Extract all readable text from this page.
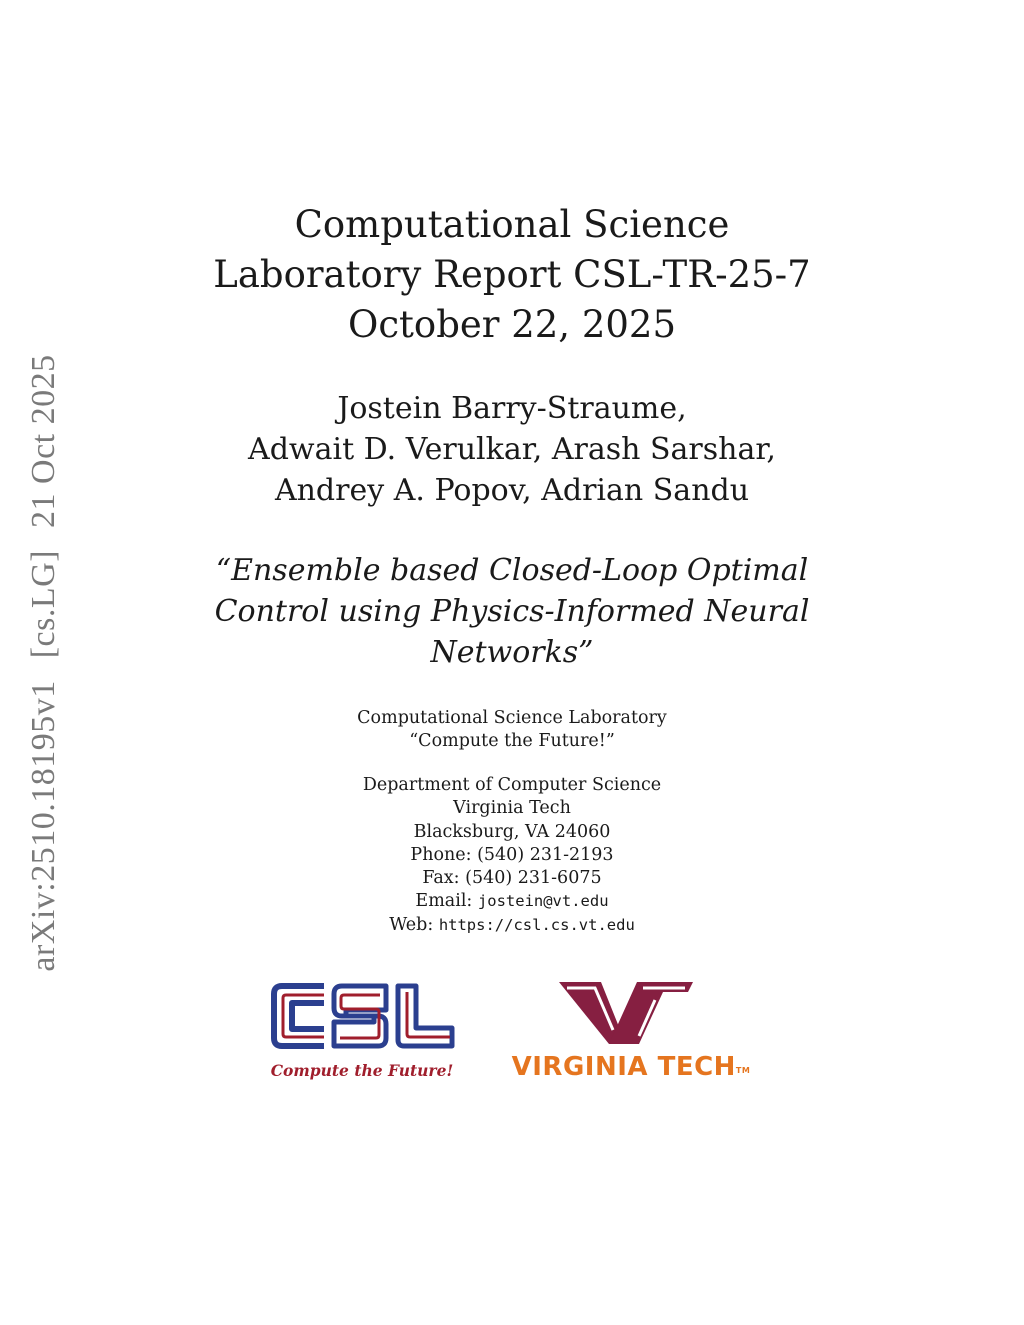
arXiv:2510.18195v1[cs.LG]21 Oct 2025
Computational Science
Laboratory Report CSL-TR-25-7
October 22, 2025
Jostein Barry-Straume,
Adwait D. Verulkar, Arash Sarshar,
Andrey A. Popov, Adrian Sandu
“Ensemble based Closed-Loop Optimal
Control using Physics-Informed Neural
Networks”
Computational Science Laboratory
“Compute the Future!”
Department of Computer Science
Virginia Tech
Blacksburg, VA 24060
Phone: (540) 231-2193
Fax: (540) 231-6075
Email: jostein@vt.edu
Web: https://csl.cs.vt.edu
Compute the Future! VIRGINIA TECH™
